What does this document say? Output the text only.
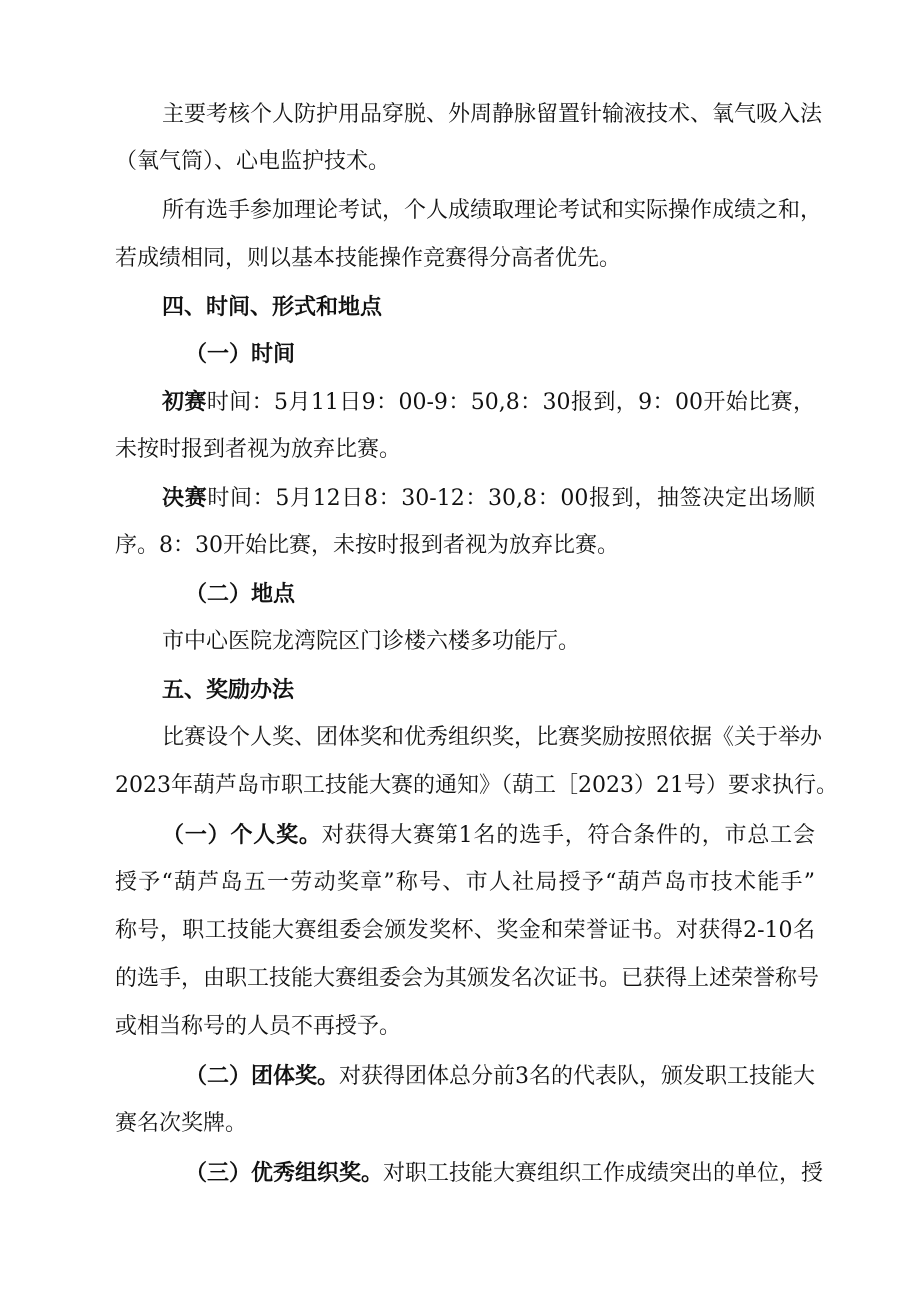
主要考核个人防护用品穿脱、外周静脉留置针输液技术、氧气吸入法
（氧气筒）、心电监护技术。
所有选手参加理论考试，个人成绩取理论考试和实际操作成绩之和，
若成绩相同，则以基本技能操作竞赛得分高者优先。
四、时间、形式和地点
（一）时间
初赛时间：5月11日9：00-9：50,8：30报到，9：00开始比赛，
未按时报到者视为放弃比赛。
决赛时间：5月12日8：30-12：30,8：00报到，抽签决定出场顺
序。8：30开始比赛，未按时报到者视为放弃比赛。
（二）地点
市中心医院龙湾院区门诊楼六楼多功能厅。
五、奖励办法
比赛设个人奖、团体奖和优秀组织奖，比赛奖励按照依据《关于举办
2023年葫芦岛市职工技能大赛的通知》（葫工［2023）21号）要求执行。
（一）个人奖。对获得大赛第1名的选手，符合条件的，市总工会
授予“葫芦岛五一劳动奖章”称号、市人社局授予“葫芦岛市技术能手”
称号，职工技能大赛组委会颁发奖杯、奖金和荣誉证书。对获得2-10名
的选手，由职工技能大赛组委会为其颁发名次证书。已获得上述荣誉称号
或相当称号的人员不再授予。
（二）团体奖。对获得团体总分前3名的代表队，颁发职工技能大
赛名次奖牌。
（三）优秀组织奖。对职工技能大赛组织工作成绩突出的单位，授
